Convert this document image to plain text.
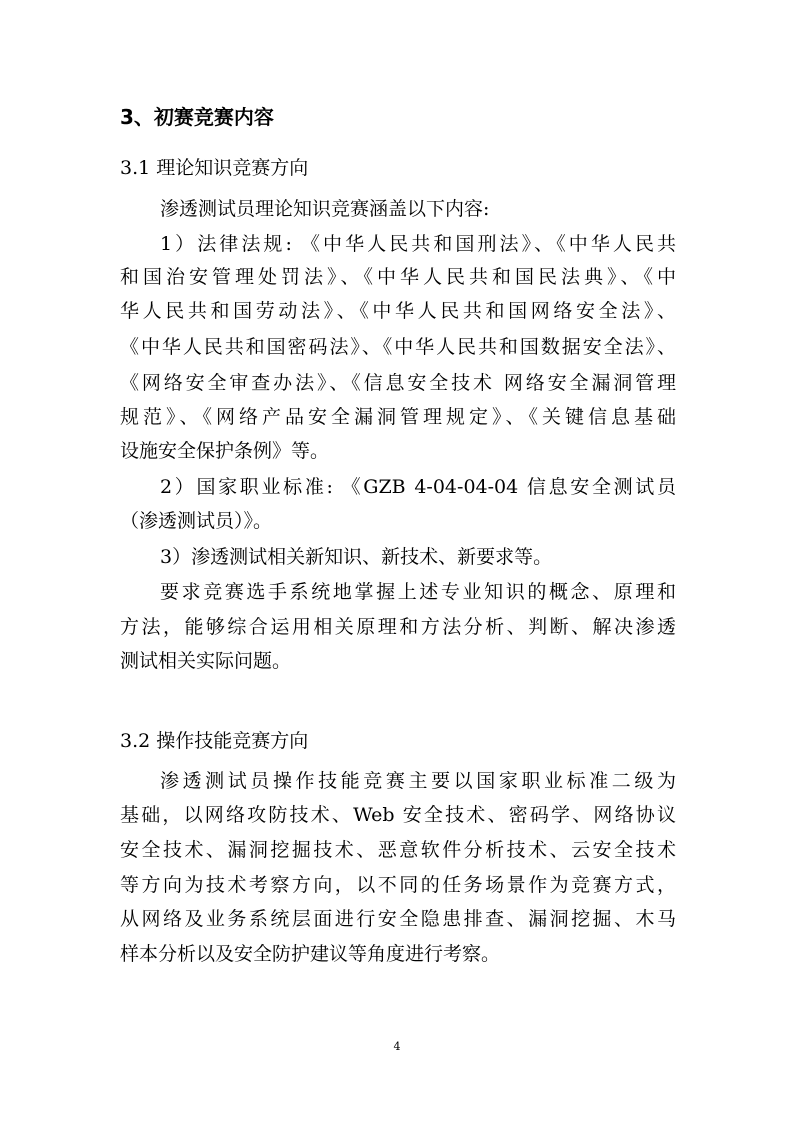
3、初赛竞赛内容
3.1 理论知识竞赛方向
渗透测试员理论知识竞赛涵盖以下内容:
1）法律法规: 《中华人民共和国刑法》、《中华人民共
和国治安管理处罚法》、《中华人民共和国民法典》、《中
华人民共和国劳动法》、《中华人民共和国网络安全法》、
《中华人民共和国密码法》、《中华人民共和国数据安全法》、
《网络安全审查办法》、《信息安全技术 网络安全漏洞管理
规范》、《网络产品安全漏洞管理规定》、《关键信息基础
设施安全保护条例》等。
2）国家职业标准: 《GZB 4-04-04-04 信息安全测试员
（渗透测试员）》。
3）渗透测试相关新知识、新技术、新要求等。
要求竞赛选手系统地掌握上述专业知识的概念、原理和
方法，能够综合运用相关原理和方法分析、判断、解决渗透
测试相关实际问题。
3.2 操作技能竞赛方向
渗透测试员操作技能竞赛主要以国家职业标准二级为
基础，以网络攻防技术、Web 安全技术、密码学、网络协议
安全技术、漏洞挖掘技术、恶意软件分析技术、云安全技术
等方向为技术考察方向，以不同的任务场景作为竞赛方式，
从网络及业务系统层面进行安全隐患排查、漏洞挖掘、木马
样本分析以及安全防护建议等角度进行考察。
4
